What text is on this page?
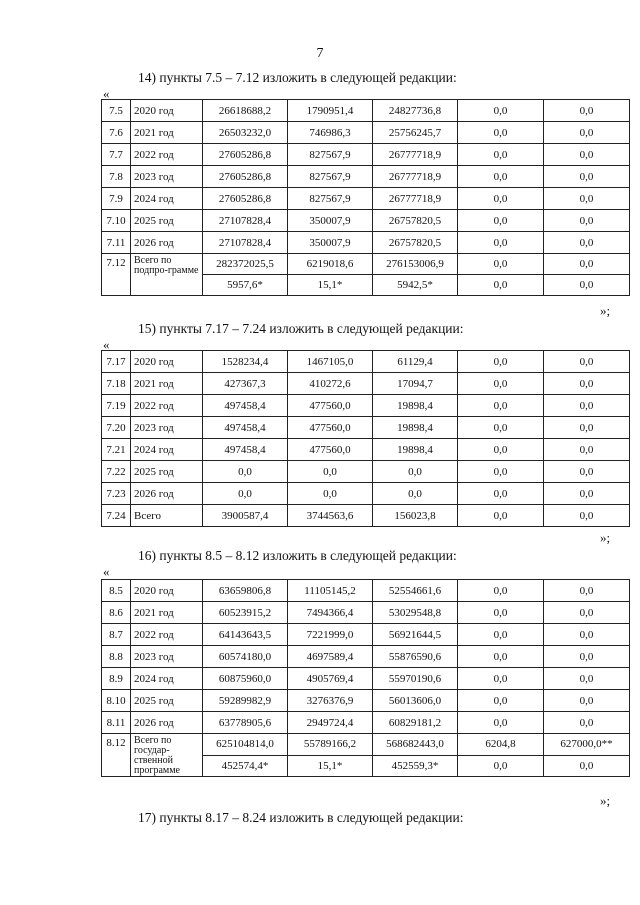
7
14) пункты 7.5 – 7.12 изложить в следующей редакции:
«
7.5	2020 год	26618688,2	1790951,4	24827736,8	0,0	0,0
7.6	2021 год	26503232,0	746986,3	25756245,7	0,0	0,0
7.7	2022 год	27605286,8	827567,9	26777718,9	0,0	0,0
7.8	2023 год	27605286,8	827567,9	26777718,9	0,0	0,0
7.9	2024 год	27605286,8	827567,9	26777718,9	0,0	0,0
7.10	2025 год	27107828,4	350007,9	26757820,5	0,0	0,0
7.11	2026 год	27107828,4	350007,9	26757820,5	0,0	0,0
7.12	Всего по подпро-грамме	282372025,5	6219018,6	276153006,9	0,0	0,0
		5957,6*	15,1*	5942,5*	0,0	0,0
»;
15) пункты 7.17 – 7.24 изложить в следующей редакции:
«
7.17	2020 год	1528234,4	1467105,0	61129,4	0,0	0,0
7.18	2021 год	427367,3	410272,6	17094,7	0,0	0,0
7.19	2022 год	497458,4	477560,0	19898,4	0,0	0,0
7.20	2023 год	497458,4	477560,0	19898,4	0,0	0,0
7.21	2024 год	497458,4	477560,0	19898,4	0,0	0,0
7.22	2025 год	0,0	0,0	0,0	0,0	0,0
7.23	2026 год	0,0	0,0	0,0	0,0	0,0
7.24	Всего	3900587,4	3744563,6	156023,8	0,0	0,0
»;
16) пункты 8.5 – 8.12 изложить в следующей редакции:
«
8.5	2020 год	63659806,8	11105145,2	52554661,6	0,0	0,0
8.6	2021 год	60523915,2	7494366,4	53029548,8	0,0	0,0
8.7	2022 год	64143643,5	7221999,0	56921644,5	0,0	0,0
8.8	2023 год	60574180,0	4697589,4	55876590,6	0,0	0,0
8.9	2024 год	60875960,0	4905769,4	55970190,6	0,0	0,0
8.10	2025 год	59289982,9	3276376,9	56013606,0	0,0	0,0
8.11	2026 год	63778905,6	2949724,4	60829181,2	0,0	0,0
8.12	Всего по государ-ственной программе	625104814,0	55789166,2	568682443,0	6204,8	627000,0**
		452574,4*	15,1*	452559,3*	0,0	0,0
»;
17) пункты 8.17 – 8.24 изложить в следующей редакции:
